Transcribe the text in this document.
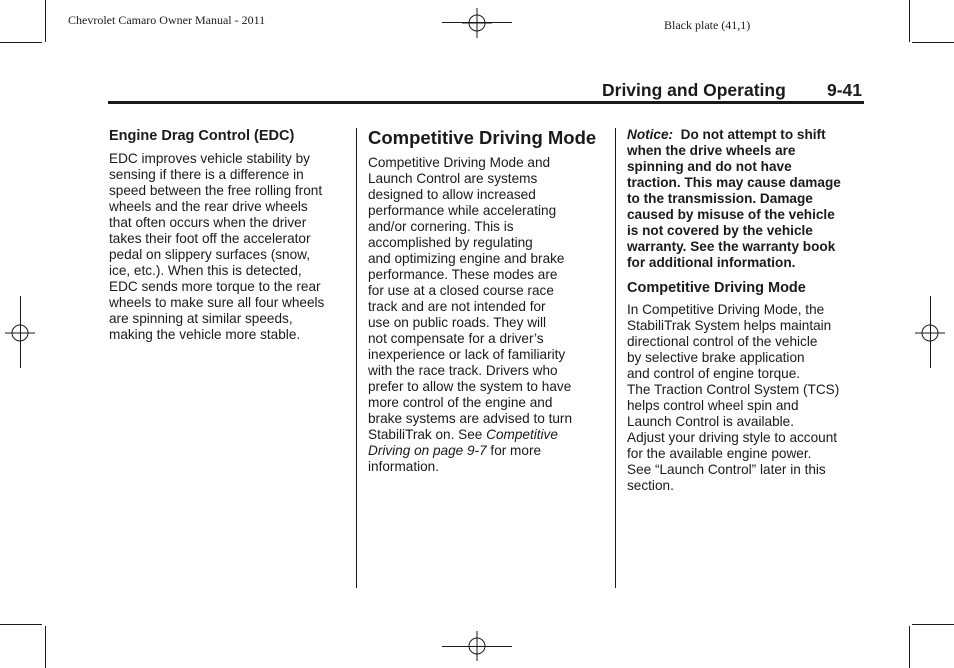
Chevrolet Camaro Owner Manual - 2011	Black plate (41,1)
Driving and Operating 9-41
Engine Drag Control (EDC)

EDC improves vehicle stability by
sensing if there is a difference in
speed between the free rolling front
wheels and the rear drive wheels
that often occurs when the driver
takes their foot off the accelerator
pedal on slippery surfaces (snow,
ice, etc.). When this is detected,
EDC sends more torque to the rear
wheels to make sure all four wheels
are spinning at similar speeds,
making the vehicle more stable.

Competitive Driving Mode

Competitive Driving Mode and
Launch Control are systems
designed to allow increased
performance while accelerating
and/or cornering. This is
accomplished by regulating
and optimizing engine and brake
performance. These modes are
for use at a closed course race
track and are not intended for
use on public roads. They will
not compensate for a driver’s
inexperience or lack of familiarity
with the race track. Drivers who
prefer to allow the system to have
more control of the engine and
brake systems are advised to turn
StabiliTrak on. See Competitive
Driving on page 9-7 for more
information.

Notice:  Do not attempt to shift
when the drive wheels are
spinning and do not have
traction. This may cause damage
to the transmission. Damage
caused by misuse of the vehicle
is not covered by the vehicle
warranty. See the warranty book
for additional information.

Competitive Driving Mode

In Competitive Driving Mode, the
StabiliTrak System helps maintain
directional control of the vehicle
by selective brake application
and control of engine torque.
The Traction Control System (TCS)
helps control wheel spin and
Launch Control is available.
Adjust your driving style to account
for the available engine power.
See “Launch Control” later in this
section.
